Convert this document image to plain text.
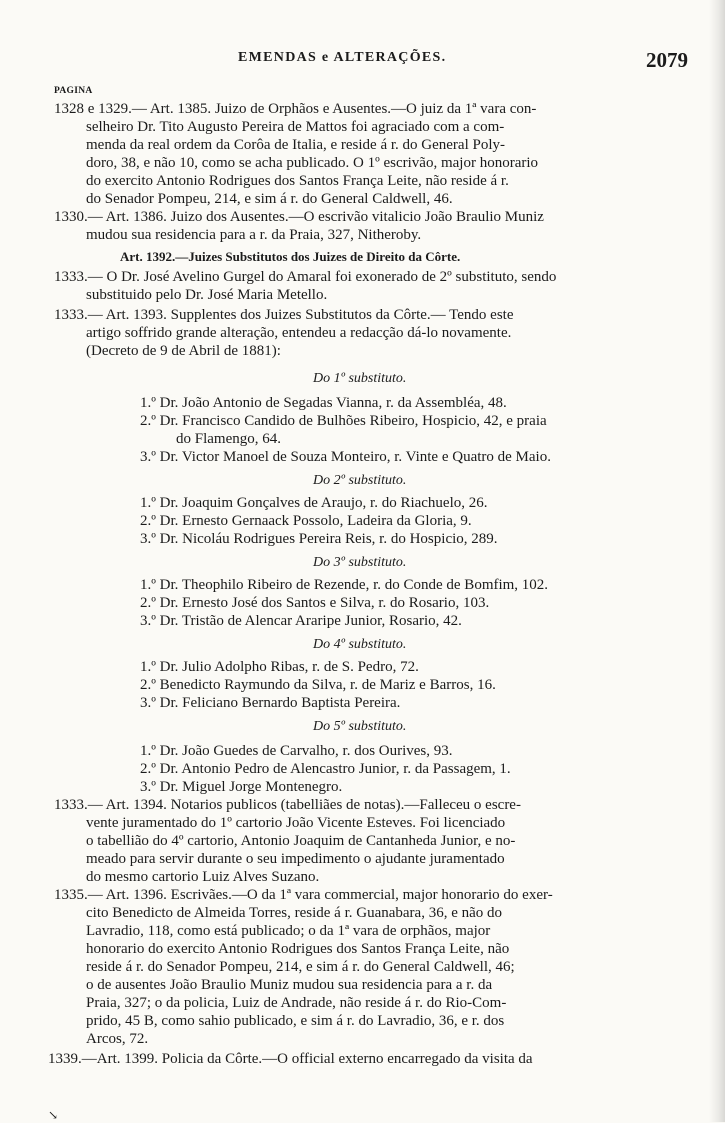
EMENDAS e ALTERAÇÕES.	2079
PAGINA
1328 e 1329.— Art. 1385. Juizo de Orphãos e Ausentes.—O juiz da 1ª vara con-
selheiro Dr. Tito Augusto Pereira de Mattos foi agraciado com a com-
menda da real ordem da Corôa de Italia, e reside á r. do General Poly-
doro, 38, e não 10, como se acha publicado. O 1º escrivão, major honorario
do exercito Antonio Rodrigues dos Santos França Leite, não reside á r.
do Senador Pompeu, 214, e sim á r. do General Caldwell, 46.
1330.— Art. 1386. Juizo dos Ausentes.—O escrivão vitalicio João Braulio Muniz
mudou sua residencia para a r. da Praia, 327, Nitheroby.
Art. 1392.—Juizes Substitutos dos Juizes de Direito da Côrte.
1333.— O Dr. José Avelino Gurgel do Amaral foi exonerado de 2º substituto, sendo
substituido pelo Dr. José Maria Metello.
1333.— Art. 1393. Supplentes dos Juizes Substitutos da Côrte.— Tendo este
artigo soffrido grande alteração, entendeu a redacção dá-lo novamente.
(Decreto de 9 de Abril de 1881):
Do 1º substituto.
1.º Dr. João Antonio de Segadas Vianna, r. da Assembléa, 48.
2.º Dr. Francisco Candido de Bulhões Ribeiro, Hospicio, 42, e praia
do Flamengo, 64.
3.º Dr. Victor Manoel de Souza Monteiro, r. Vinte e Quatro de Maio.
Do 2º substituto.
1.º Dr. Joaquim Gonçalves de Araujo, r. do Riachuelo, 26.
2.º Dr. Ernesto Gernaack Possolo, Ladeira da Gloria, 9.
3.º Dr. Nicoláu Rodrigues Pereira Reis, r. do Hospicio, 289.
Do 3º substituto.
1.º Dr. Theophilo Ribeiro de Rezende, r. do Conde de Bomfim, 102.
2.º Dr. Ernesto José dos Santos e Silva, r. do Rosario, 103.
3.º Dr. Tristão de Alencar Araripe Junior, Rosario, 42.
Do 4º substituto.
1.º Dr. Julio Adolpho Ribas, r. de S. Pedro, 72.
2.º Benedicto Raymundo da Silva, r. de Mariz e Barros, 16.
3.º Dr. Feliciano Bernardo Baptista Pereira.
Do 5º substituto.
1.º Dr. João Guedes de Carvalho, r. dos Ourives, 93.
2.º Dr. Antonio Pedro de Alencastro Junior, r. da Passagem, 1.
3.º Dr. Miguel Jorge Montenegro.
1333.— Art. 1394. Notarios publicos (tabelliães de notas).—Falleceu o escre-
vente juramentado do 1º cartorio João Vicente Esteves. Foi licenciado
o tabellião do 4º cartorio, Antonio Joaquim de Cantanheda Junior, e no-
meado para servir durante o seu impedimento o ajudante juramentado
do mesmo cartorio Luiz Alves Suzano.
1335.— Art. 1396. Escrivães.—O da 1ª vara commercial, major honorario do exer-
cito Benedicto de Almeida Torres, reside á r. Guanabara, 36, e não do
Lavradio, 118, como está publicado; o da 1ª vara de orphãos, major
honorario do exercito Antonio Rodrigues dos Santos França Leite, não
reside á r. do Senador Pompeu, 214, e sim á r. do General Caldwell, 46;
o de ausentes João Braulio Muniz mudou sua residencia para a r. da
Praia, 327; o da policia, Luiz de Andrade, não reside á r. do Rio-Com-
prido, 45 B, como sahio publicado, e sim á r. do Lavradio, 36, e r. dos
Arcos, 72.
1339.—Art. 1399. Policia da Côrte.—O official externo encarregado da visita da
↘
